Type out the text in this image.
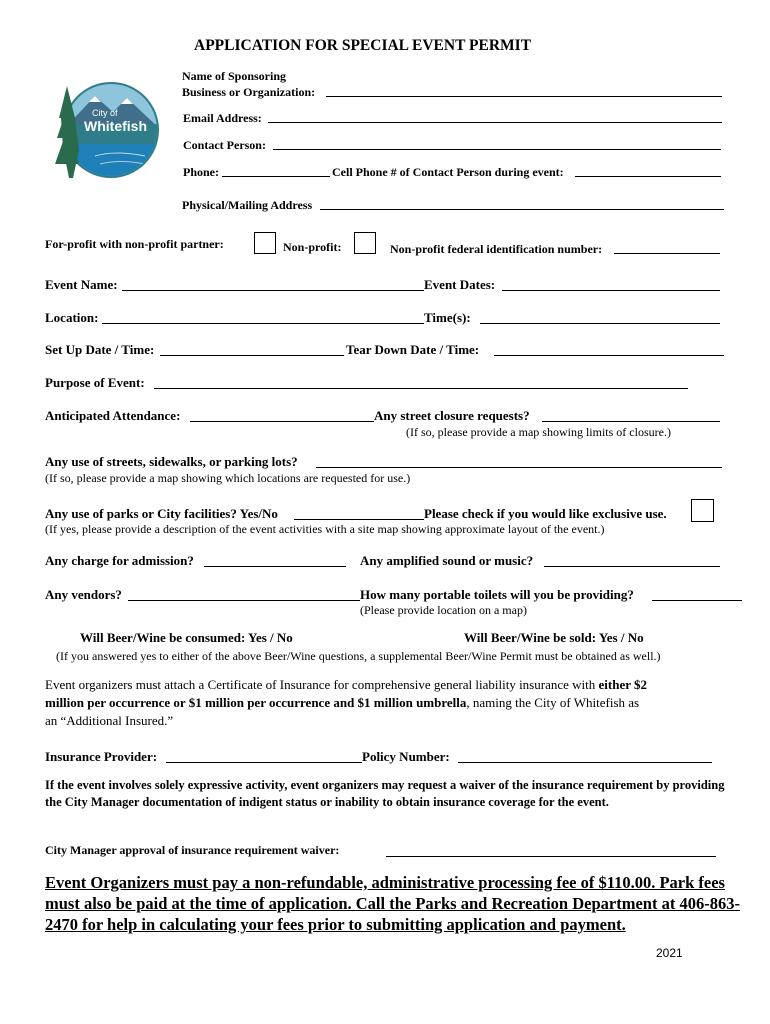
APPLICATION FOR SPECIAL EVENT PERMIT
City of
Whitefish
Name of Sponsoring
Business or Organization:
Email Address:
Contact Person:
Phone:	Cell Phone # of Contact Person during event:
Physical/Mailing Address
For-profit with non-profit partner:	Non-profit:	Non-profit federal identification number:
Event Name:	Event Dates:
Location:	Time(s):
Set Up Date / Time:	Tear Down Date / Time:
Purpose of Event:
Anticipated Attendance:	Any street closure requests?
(If so, please provide a map showing limits of closure.)
Any use of streets, sidewalks, or parking lots?
(If so, please provide a map showing which locations are requested for use.)
Any use of parks or City facilities? Yes/No	Please check if you would like exclusive use.
(If yes, please provide a description of the event activities with a site map showing approximate layout of the event.)
Any charge for admission?	Any amplified sound or music?
Any vendors?	How many portable toilets will you be providing?
(Please provide location on a map)
Will Beer/Wine be consumed: Yes / No	Will Beer/Wine be sold: Yes / No
(If you answered yes to either of the above Beer/Wine questions, a supplemental Beer/Wine Permit must be obtained as well.)
Event organizers must attach a Certificate of Insurance for comprehensive general liability insurance with either $2
million per occurrence or $1 million per occurrence and $1 million umbrella, naming the City of Whitefish as
an “Additional Insured.”
Insurance Provider:	Policy Number:
If the event involves solely expressive activity, event organizers may request a waiver of the insurance requirement by providing the City Manager documentation of indigent status or inability to obtain insurance coverage for the event.
City Manager approval of insurance requirement waiver:
Event Organizers must pay a non-refundable, administrative processing fee of $110.00. Park fees must also be paid at the time of application. Call the Parks and Recreation Department at 406-863-2470 for help in calculating your fees prior to submitting application and payment.
2021
